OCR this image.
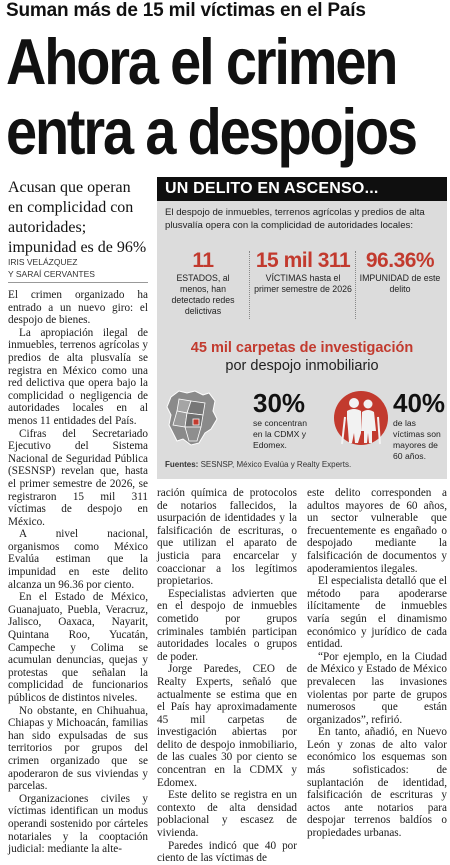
Suman más de 15 mil víctimas en el País
Ahora el crimen
entra a despojos
Acusan que operan en complicidad con autoridades; impunidad es de 96%
IRIS VELÁZQUEZ
Y SARAÍ CERVANTES
UN DELITO EN ASCENSO...
El despojo de inmuebles, terrenos agrícolas y predios de alta plusvalía opera con la complicidad de autoridades locales:
11
ESTADOS, al menos, han detectado redes delictivas
15 mil 311
VÍCTIMAS hasta el primer semestre de 2026
96.36%
IMPUNIDAD de este delito
45 mil carpetas de investigación
por despojo inmobiliario
30%
se concentran en la CDMX y Edomex.
40%
de las víctimas son mayores de 60 años.
Fuentes: SESNSP, México Evalúa y Realty Experts.

El crimen organizado ha entrado a un nuevo giro: el despojo de bienes.

La apropiación ilegal de inmuebles, terrenos agrícolas y predios de alta plusvalía se registra en México como una red delictiva que opera bajo la complicidad o negligencia de autoridades locales en al menos 11 entidades del País.

Cifras del Secretariado Ejecutivo del Sistema Nacional de Seguridad Pública (SESNSP) revelan que, hasta el primer semestre de 2026, se registraron 15 mil 311 víctimas de despojo en México.

A nivel nacional, organismos como México Evalúa estiman que la impunidad en este delito alcanza un 96.36 por ciento.

En el Estado de México, Guanajuato, Puebla, Veracruz, Jalisco, Oaxaca, Nayarit, Quintana Roo, Yucatán, Campeche y Colima se acumulan denuncias, quejas y protestas que señalan la complicidad de funcionarios públicos de distintos niveles.

No obstante, en Chihuahua, Chiapas y Michoacán, familias han sido expulsadas de sus territorios por grupos del crimen organizado que se apoderaron de sus viviendas y parcelas.

Organizaciones civiles y víctimas identifican un modus operandi sostenido por cárteles notariales y la cooptación judicial: mediante la alte-

ración química de protocolos de notarios fallecidos, la usurpación de identidades y la falsificación de escrituras, o que utilizan el aparato de justicia para encarcelar y coaccionar a los legítimos propietarios.

Especialistas advierten que en el despojo de inmuebles cometido por grupos criminales también participan autoridades locales o grupos de poder.

Jorge Paredes, CEO de Realty Experts, señaló que actualmente se estima que en el País hay aproximadamente 45 mil carpetas de investigación abiertas por delito de despojo inmobiliario, de las cuales 30 por ciento se concentran en la CDMX y Edomex.

Este delito se registra en un contexto de alta densidad poblacional y escasez de vivienda.

Paredes indicó que 40 por ciento de las víctimas de

este delito corresponden a adultos mayores de 60 años, un sector vulnerable que frecuentemente es engañado o despojado mediante la falsificación de documentos y apoderamientos ilegales.

El especialista detalló que el método para apoderarse ilícitamente de inmuebles varía según el dinamismo económico y jurídico de cada entidad.

“Por ejemplo, en la Ciudad de México y Estado de México prevalecen las invasiones violentas por parte de grupos numerosos que están organizados”, refirió.

En tanto, añadió, en Nuevo León y zonas de alto valor económico los esquemas son más sofisticados: de suplantación de identidad, falsificación de escrituras y actos ante notarios para despojar terrenos baldíos o propiedades urbanas.
